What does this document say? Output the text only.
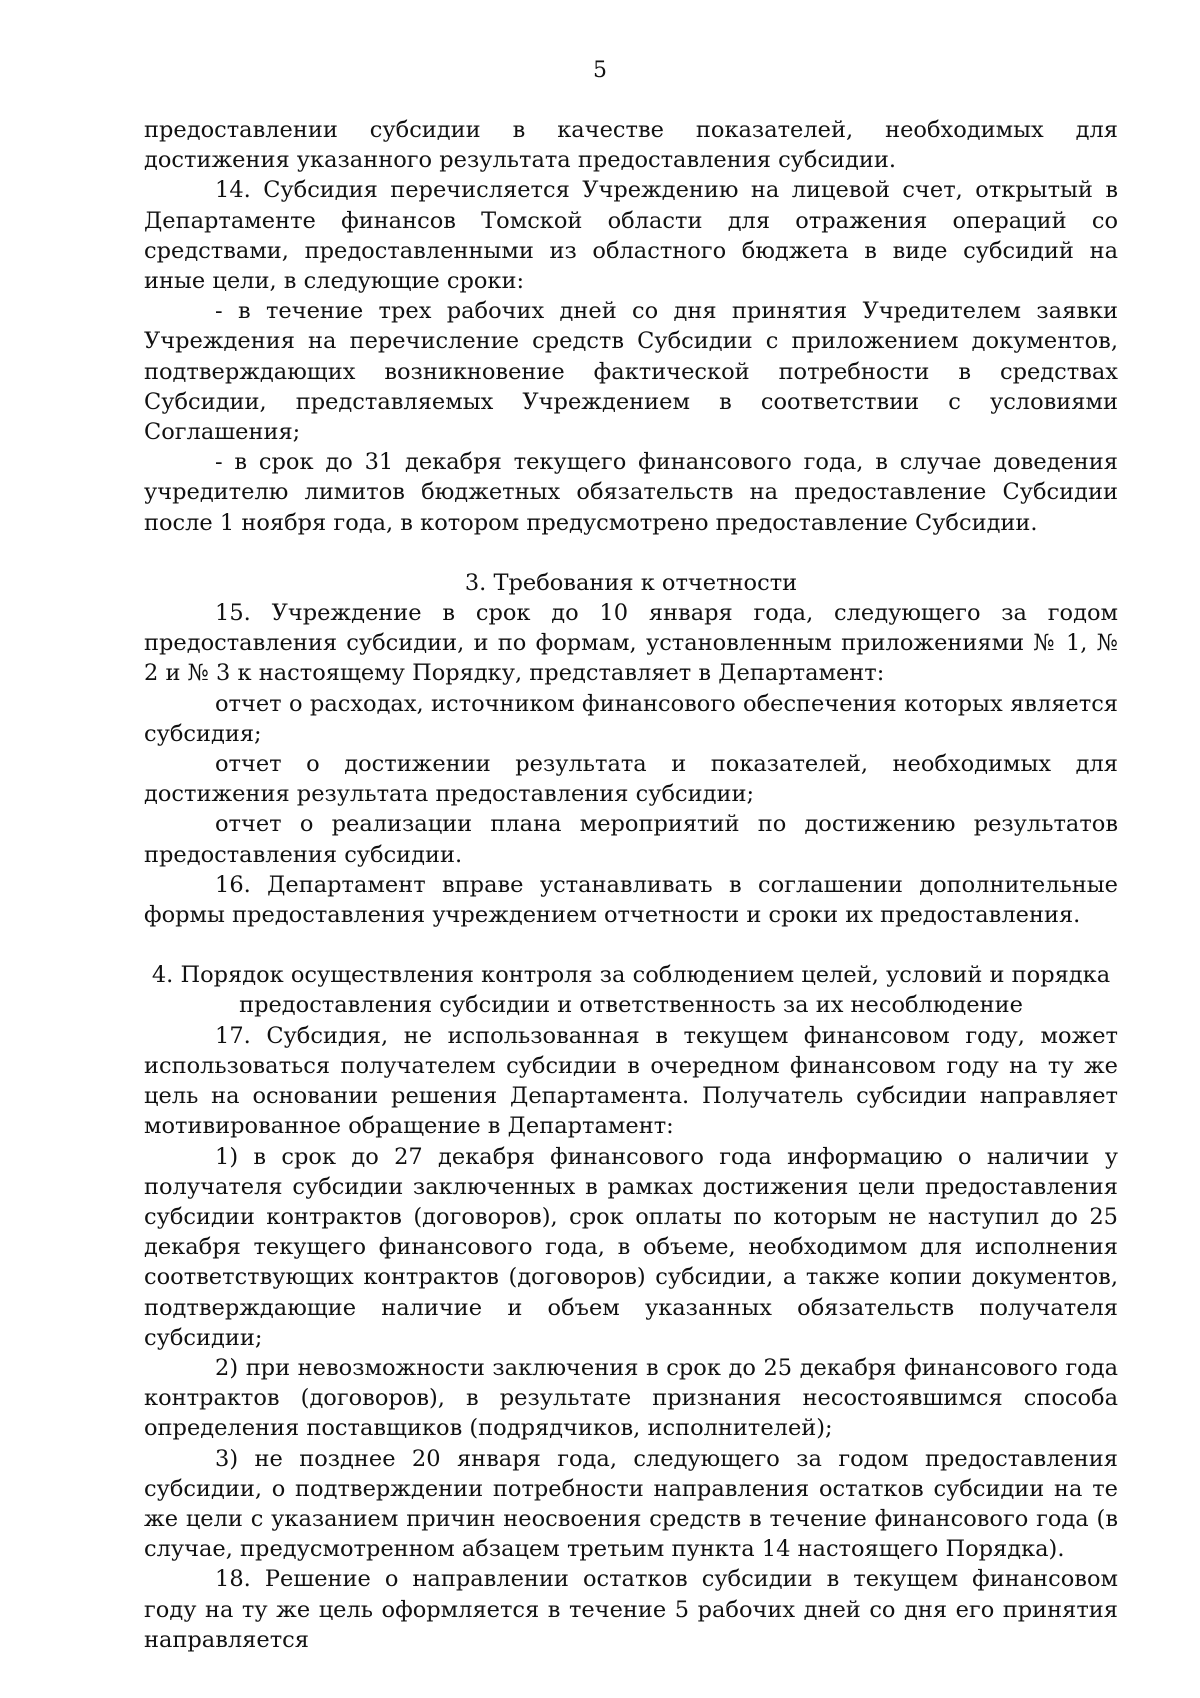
5

предоставлении субсидии в качестве показателей, необходимых для достижения указанного результата предоставления субсидии.

14. Субсидия перечисляется Учреждению на лицевой счет, открытый в Департаменте финансов Томской области для отражения операций со средствами, предоставленными из областного бюджета в виде субсидий на иные цели, в следующие сроки:

- в течение трех рабочих дней со дня принятия Учредителем заявки Учреждения на перечисление средств Субсидии с приложением документов, подтверждающих возникновение фактической потребности в средствах Субсидии, представляемых Учреждением в соответствии с условиями Соглашения;

- в срок до 31 декабря текущего финансового года, в случае доведения учредителю лимитов бюджетных обязательств на предоставление Субсидии после 1 ноября года, в котором предусмотрено предоставление Субсидии.

3. Требования к отчетности

15. Учреждение в срок до 10 января года, следующего за годом предоставления субсидии, и по формам, установленным приложениями № 1, № 2 и № 3 к настоящему Порядку, представляет в Департамент:

отчет о расходах, источником финансового обеспечения которых является субсидия;

отчет о достижении результата и показателей, необходимых для достижения результата предоставления субсидии;

отчет о реализации плана мероприятий по достижению результатов предоставления субсидии.

16. Департамент вправе устанавливать в соглашении дополнительные формы предоставления учреждением отчетности и сроки их предоставления.

4. Порядок осуществления контроля за соблюдением целей, условий и порядка

предоставления субсидии и ответственность за их несоблюдение

17. Субсидия, не использованная в текущем финансовом году, может использоваться получателем субсидии в очередном финансовом году на ту же цель на основании решения Департамента. Получатель субсидии направляет мотивированное обращение в Департамент:

1) в срок до 27 декабря финансового года информацию о наличии у получателя субсидии заключенных в рамках достижения цели предоставления субсидии контрактов (договоров), срок оплаты по которым не наступил до 25 декабря текущего финансового года, в объеме, необходимом для исполнения соответствующих контрактов (договоров) субсидии, а также копии документов, подтверждающие наличие и объем указанных обязательств получателя субсидии;

2) при невозможности заключения в срок до 25 декабря финансового года контрактов (договоров), в результате признания несостоявшимся способа определения поставщиков (подрядчиков, исполнителей);

3) не позднее 20 января года, следующего за годом предоставления субсидии, о подтверждении потребности направления остатков субсидии на те же цели с указанием причин неосвоения средств в течение финансового года (в случае, предусмотренном абзацем третьим пункта 14 настоящего Порядка).

18. Решение о направлении остатков субсидии в текущем финансовом году на ту же цель оформляется в течение 5 рабочих дней со дня его принятия направляется
